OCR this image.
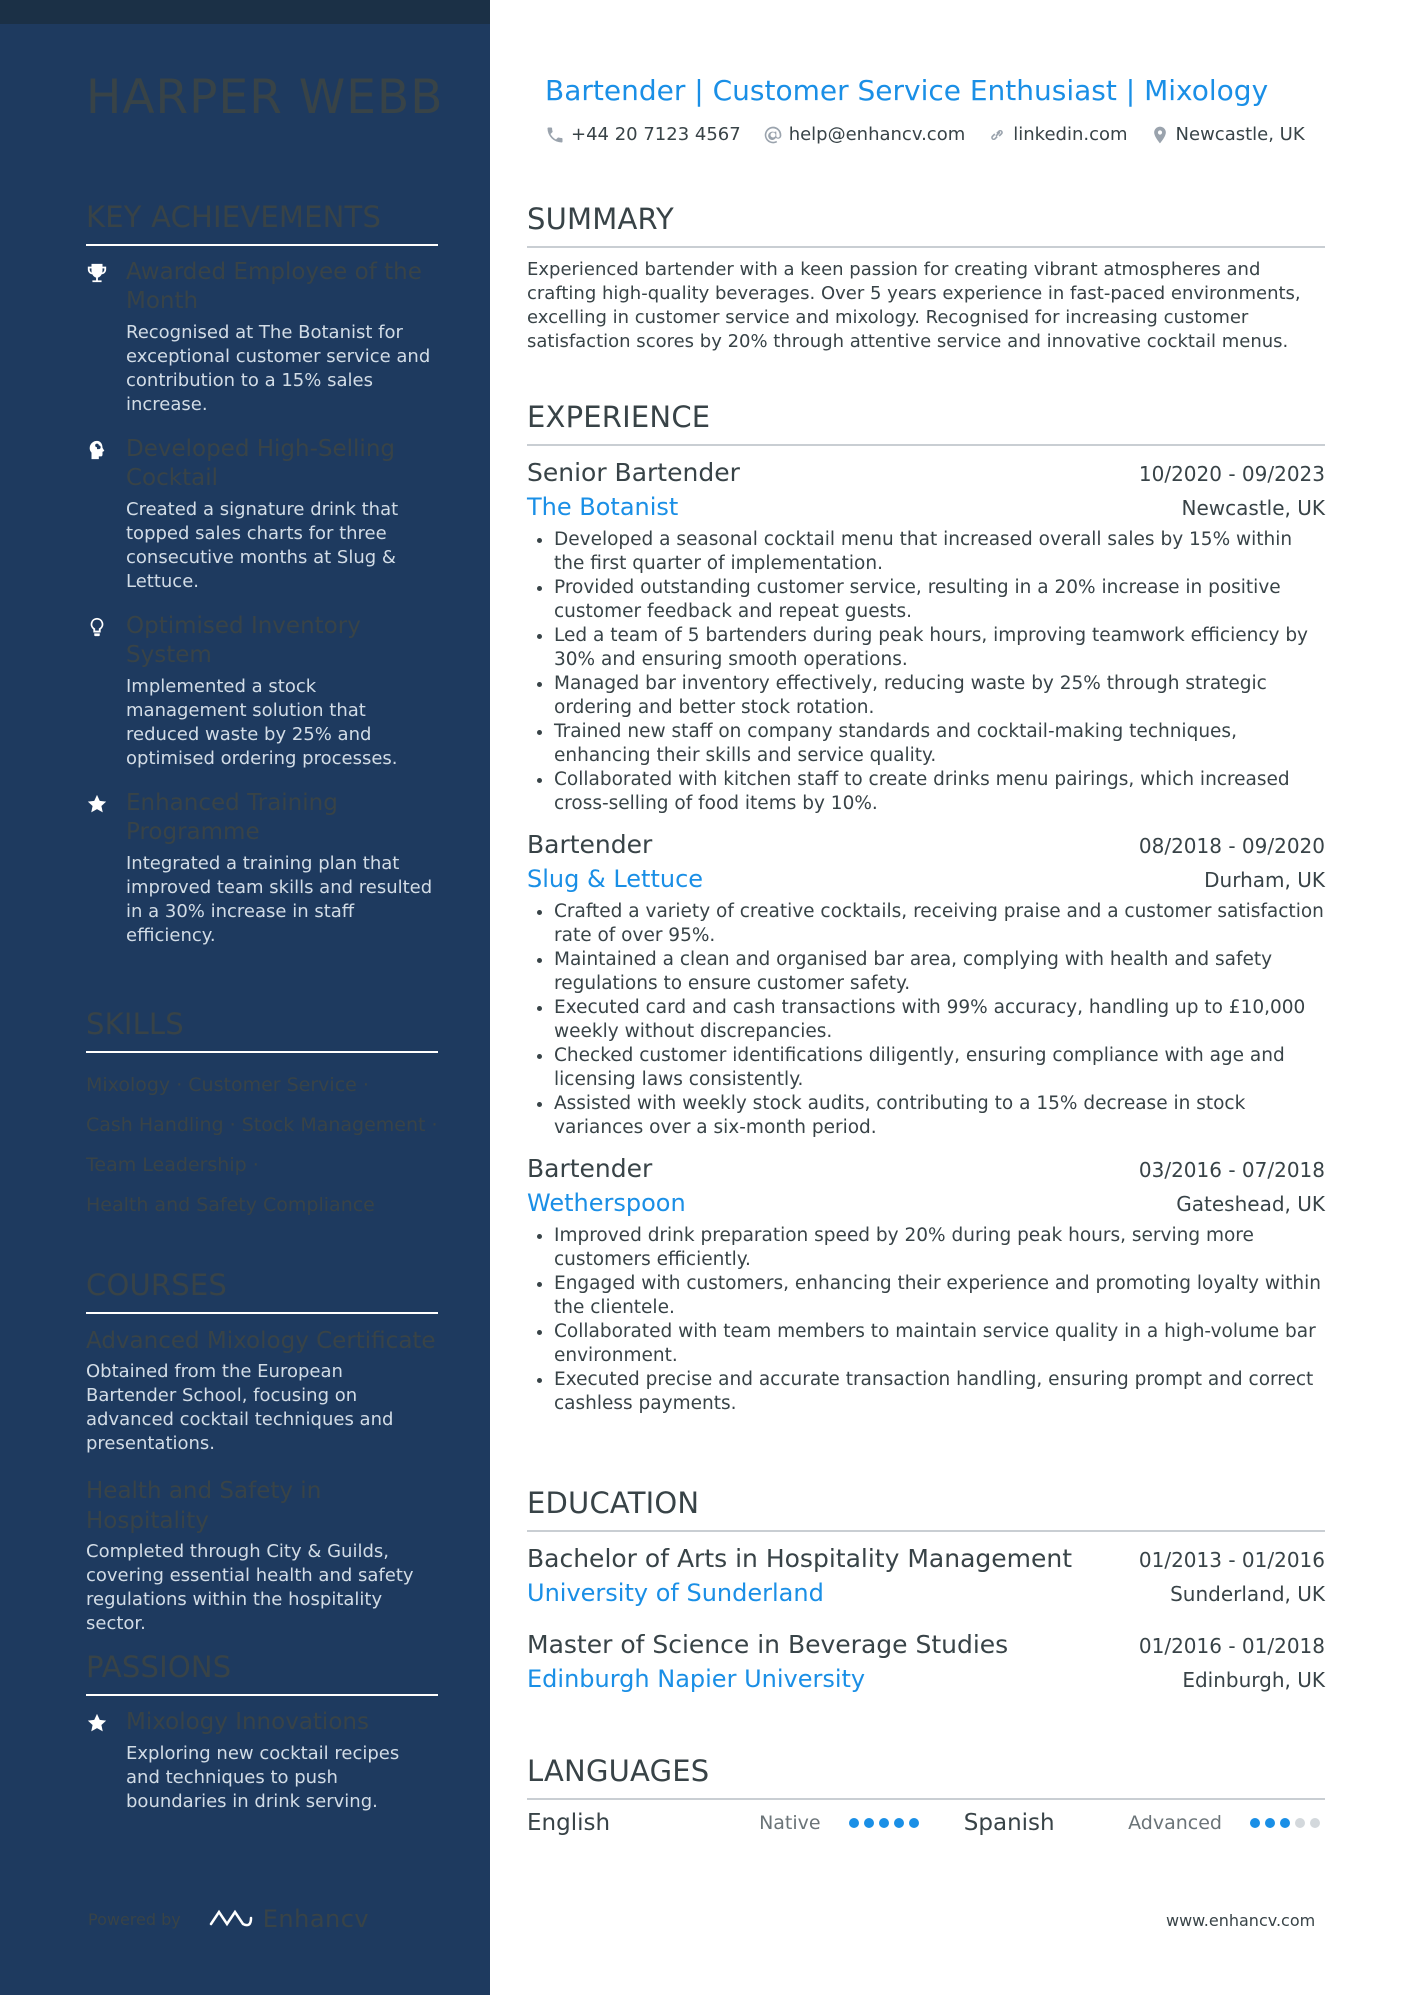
HARPER WEBB
KEY ACHIEVEMENTS
Awarded Employee of the Month
Recognised at The Botanist for exceptional customer service and contribution to a 15% sales increase.
Developed High-Selling Cocktail
Created a signature drink that topped sales charts for three consecutive months at Slug & Lettuce.
Optimised Inventory System
Implemented a stock management solution that reduced waste by 25% and optimised ordering processes.
Enhanced Training Programme
Integrated a training plan that improved team skills and resulted in a 30% increase in staff efficiency.
SKILLS
Mixology · Customer Service ·
Cash Handling · Stock Management ·
Team Leadership ·
Health and Safety Compliance
COURSES
Advanced Mixology Certificate
Obtained from the European Bartender School, focusing on advanced cocktail techniques and presentations.
Health and Safety in Hospitality
Completed through City & Guilds, covering essential health and safety regulations within the hospitality sector.
PASSIONS
Mixology Innovations
Exploring new cocktail recipes and techniques to push boundaries in drink serving.
Powered by	Enhancv
Bartender | Customer Service Enthusiast | Mixology
+44 20 7123 4567	help@enhancv.com	linkedin.com	Newcastle, UK
SUMMARY
Experienced bartender with a keen passion for creating vibrant atmospheres and crafting high-quality beverages. Over 5 years experience in fast-paced environments, excelling in customer service and mixology. Recognised for increasing customer satisfaction scores by 20% through attentive service and innovative cocktail menus.
EXPERIENCE
Senior Bartender	10/2020 - 09/2023
The Botanist	Newcastle, UK
• Developed a seasonal cocktail menu that increased overall sales by 15% within the first quarter of implementation.
• Provided outstanding customer service, resulting in a 20% increase in positive customer feedback and repeat guests.
• Led a team of 5 bartenders during peak hours, improving teamwork efficiency by 30% and ensuring smooth operations.
• Managed bar inventory effectively, reducing waste by 25% through strategic ordering and better stock rotation.
• Trained new staff on company standards and cocktail-making techniques, enhancing their skills and service quality.
• Collaborated with kitchen staff to create drinks menu pairings, which increased cross-selling of food items by 10%.
Bartender	08/2018 - 09/2020
Slug & Lettuce	Durham, UK
• Crafted a variety of creative cocktails, receiving praise and a customer satisfaction rate of over 95%.
• Maintained a clean and organised bar area, complying with health and safety regulations to ensure customer safety.
• Executed card and cash transactions with 99% accuracy, handling up to £10,000 weekly without discrepancies.
• Checked customer identifications diligently, ensuring compliance with age and licensing laws consistently.
• Assisted with weekly stock audits, contributing to a 15% decrease in stock variances over a six-month period.
Bartender	03/2016 - 07/2018
Wetherspoon	Gateshead, UK
• Improved drink preparation speed by 20% during peak hours, serving more customers efficiently.
• Engaged with customers, enhancing their experience and promoting loyalty within the clientele.
• Collaborated with team members to maintain service quality in a high-volume bar environment.
• Executed precise and accurate transaction handling, ensuring prompt and correct cashless payments.
EDUCATION
Bachelor of Arts in Hospitality Management	01/2013 - 01/2016
University of Sunderland	Sunderland, UK
Master of Science in Beverage Studies	01/2016 - 01/2018
Edinburgh Napier University	Edinburgh, UK
LANGUAGES
English	Native	Spanish	Advanced
www.enhancv.com
